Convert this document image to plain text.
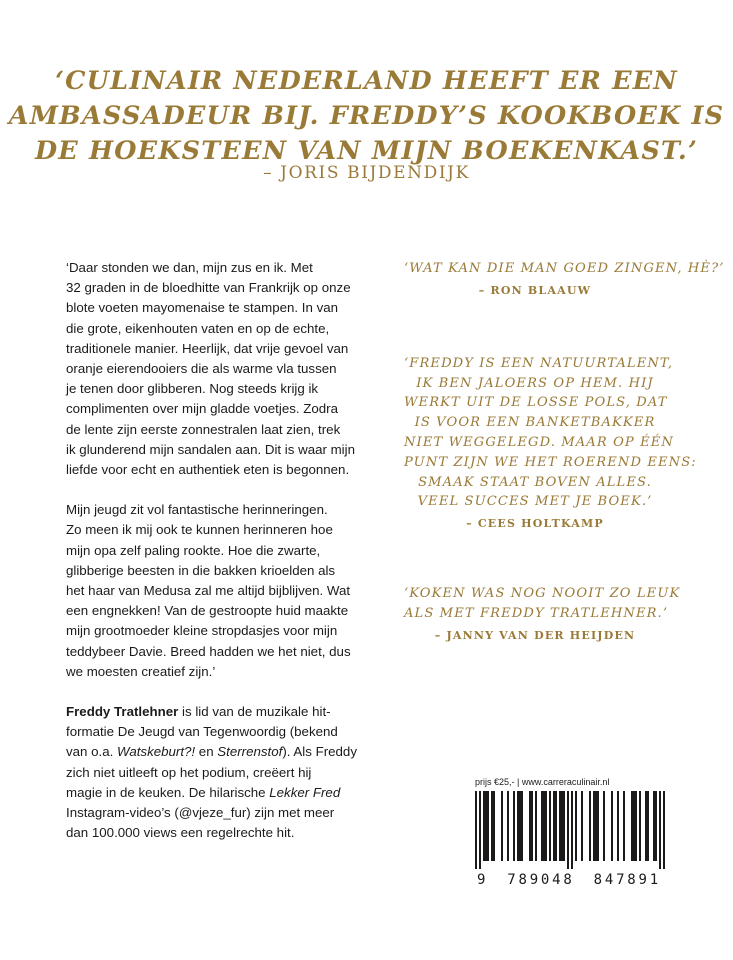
‘CULINAIR NEDERLAND HEEFT ER EEN
AMBASSADEUR BIJ. FREDDY’S KOOKBOEK IS
DE HOEKSTEEN VAN MIJN BOEKENKAST.’
– JORIS BIJDENDIJK

‘Daar stonden we dan, mijn zus en ik. Met
32 graden in de bloedhitte van Frankrijk op onze
blote voeten mayomenaise te stampen. In van
die grote, eikenhouten vaten en op de echte,
traditionele manier. Heerlijk, dat vrije gevoel van
oranje eierendooiers die als warme vla tussen
je tenen door glibberen. Nog steeds krijg ik
complimenten over mijn gladde voetjes. Zodra
de lente zijn eerste zonnestralen laat zien, trek
ik glunderend mijn sandalen aan. Dit is waar mijn
liefde voor echt en authentiek eten is begonnen.

Mijn jeugd zit vol fantastische herinneringen.
Zo meen ik mij ook te kunnen herinneren hoe
mijn opa zelf paling rookte. Hoe die zwarte,
glibberige beesten in die bakken krioelden als
het haar van Medusa zal me altijd bijblijven. Wat
een engnekken! Van de gestroopte huid maakte
mijn grootmoeder kleine stropdasjes voor mijn
teddybeer Davie. Breed hadden we het niet, dus
we moesten creatief zijn.’

Freddy Tratlehner is lid van de muzikale hit-
formatie De Jeugd van Tegenwoordig (bekend
van o.a. Watskeburt?! en Sterrenstof). Als Freddy
zich niet uitleeft op het podium, creëert hij
magie in de keuken. De hilarische Lekker Fred
Instagram-video’s (@vjeze_fur) zijn met meer
dan 100.000 views een regelrechte hit.

‘WAT KAN DIE MAN GOED ZINGEN, HÈ?’
– RON BLAAUW
‘FREDDY IS EEN NATUURTALENT,
IK BEN JALOERS OP HEM. HIJ
WERKT UIT DE LOSSE POLS, DAT
IS VOOR EEN BANKETBAKKER
NIET WEGGELEGD. MAAR OP ÉÉN
PUNT ZIJN WE HET ROEREND EENS:
SMAAK STAAT BOVEN ALLES.
VEEL SUCCES MET JE BOEK.’
– CEES HOLTKAMP
‘KOKEN WAS NOG NOOIT ZO LEUK
ALS MET FREDDY TRATLEHNER.’
– JANNY VAN DER HEIJDEN
prijs €25,- | www.carreraculinair.nl
9 789048 847891
